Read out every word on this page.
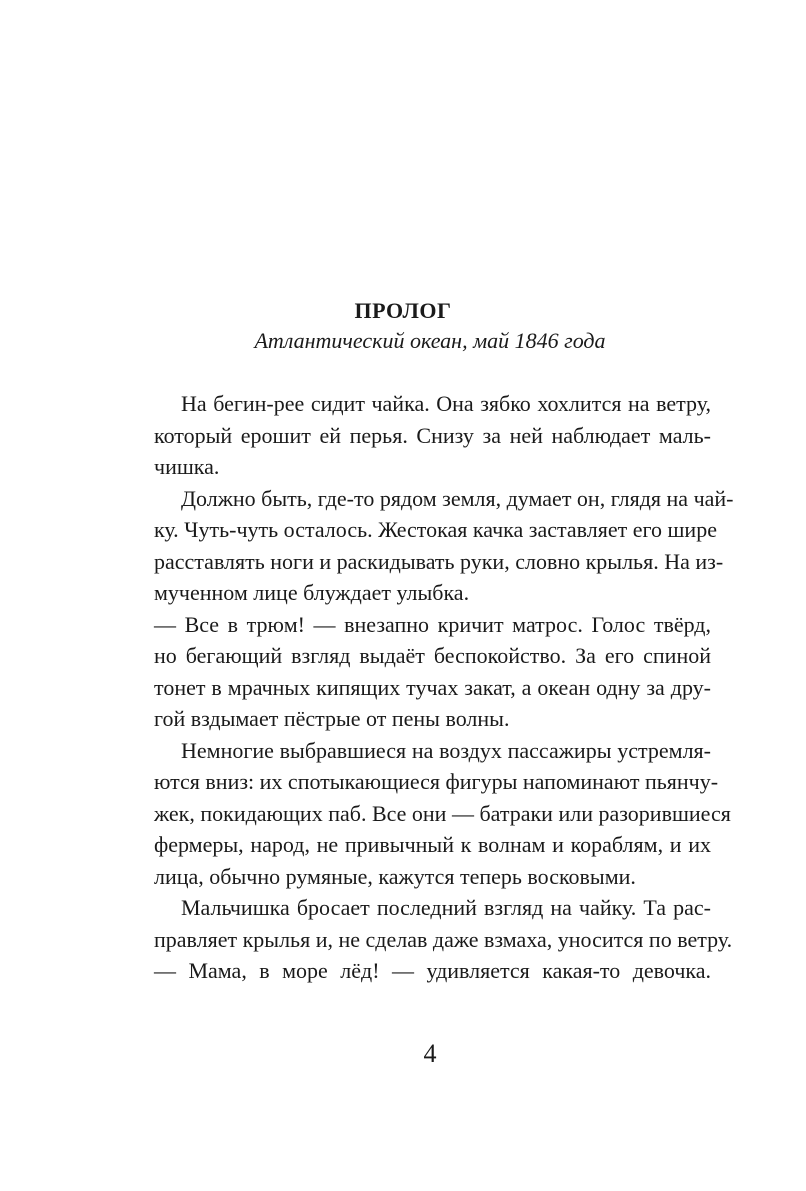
ПРОЛОГ

Атлантический океан, май 1846 года

На бегин-рее сидит чайка. Она зябко хохлится на ветру,
который ерошит ей перья. Снизу за ней наблюдает маль-
чишка.
Должно быть, где-то рядом земля, думает он, глядя на чай-
ку. Чуть-чуть осталось. Жестокая качка заставляет его шире
расставлять ноги и раскидывать руки, словно крылья. На из-
мученном лице блуждает улыбка.
— Все в трюм! — внезапно кричит матрос. Голос твёрд,
но бегающий взгляд выдаёт беспокойство. За его спиной
тонет в мрачных кипящих тучах закат, а океан одну за дру-
гой вздымает пёстрые от пены волны.
Немногие выбравшиеся на воздух пассажиры устремля-
ются вниз: их спотыкающиеся фигуры напоминают пьянчу-
жек, покидающих паб. Все они — батраки или разорившиеся
фермеры, народ, не привычный к волнам и кораблям, и их
лица, обычно румяные, кажутся теперь восковыми.
Мальчишка бросает последний взгляд на чайку. Та рас-
правляет крылья и, не сделав даже взмаха, уносится по ветру.
— Мама, в море лёд! — удивляется какая-то девочка.
4
